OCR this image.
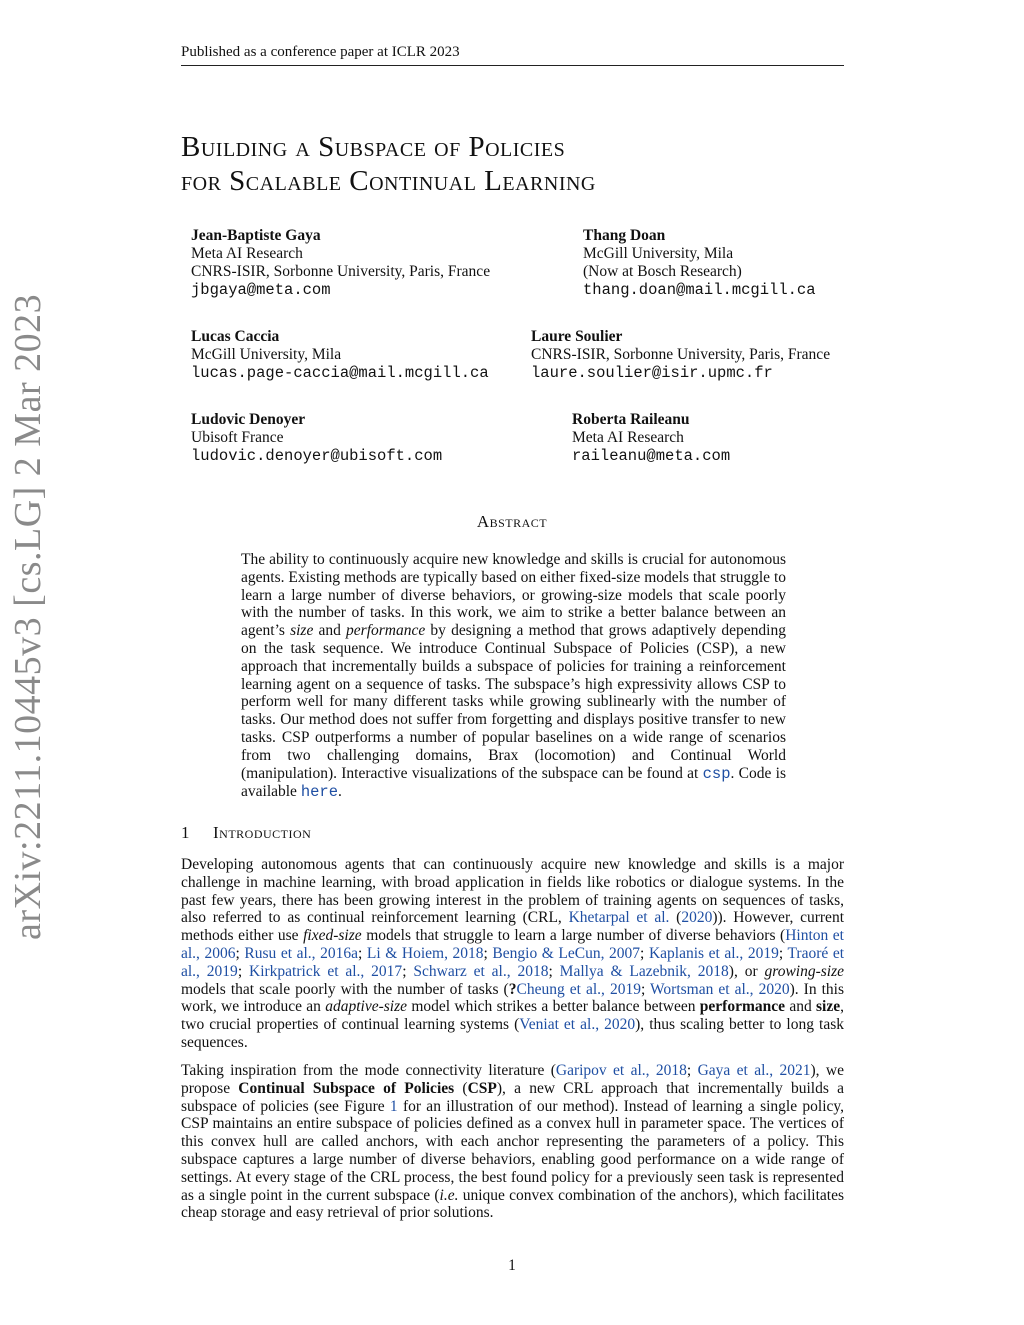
Published as a conference paper at ICLR 2023
arXiv:2211.10445v3 [cs.LG] 2 Mar 2023
Building a Subspace of Policies
for Scalable Continual Learning
Jean-Baptiste Gaya
Meta AI Research
CNRS-ISIR, Sorbonne University, Paris, France
jbgaya@meta.com
Thang Doan
McGill University, Mila
(Now at Bosch Research)
thang.doan@mail.mcgill.ca
Lucas Caccia
McGill University, Mila
lucas.page-caccia@mail.mcgill.ca
Laure Soulier
CNRS-ISIR, Sorbonne University, Paris, France
laure.soulier@isir.upmc.fr
Ludovic Denoyer
Ubisoft France
ludovic.denoyer@ubisoft.com
Roberta Raileanu
Meta AI Research
raileanu@meta.com
Abstract
The ability to continuously acquire new knowledge and skills is crucial for autonomous agents. Existing methods are typically based on either fixed-size models that struggle to learn a large number of diverse behaviors, or growing-size models that scale poorly with the number of tasks. In this work, we aim to strike a better balance between an agent’s size and performance by designing a method that grows adaptively depending on the task sequence. We introduce Continual Subspace of Policies (CSP), a new approach that incrementally builds a subspace of policies for training a reinforcement learning agent on a sequence of tasks. The subspace’s high expressivity allows CSP to perform well for many different tasks while growing sublinearly with the number of tasks. Our method does not suffer from forgetting and displays positive transfer to new tasks. CSP outperforms a number of popular baselines on a wide range of scenarios from two challenging domains, Brax (locomotion) and Continual World (manipulation). Interactive visualizations of the subspace can be found at csp. Code is available here.
1 Introduction
Developing autonomous agents that can continuously acquire new knowledge and skills is a major challenge in machine learning, with broad application in fields like robotics or dialogue systems. In the past few years, there has been growing interest in the problem of training agents on sequences of tasks, also referred to as continual reinforcement learning (CRL, Khetarpal et al. (2020)). However, current methods either use fixed-size models that struggle to learn a large number of diverse behaviors (Hinton et al., 2006; Rusu et al., 2016a; Li & Hoiem, 2018; Bengio & LeCun, 2007; Kaplanis et al., 2019; Traoré et al., 2019; Kirkpatrick et al., 2017; Schwarz et al., 2018; Mallya & Lazebnik, 2018), or growing-size models that scale poorly with the number of tasks (?Cheung et al., 2019; Wortsman et al., 2020). In this work, we introduce an adaptive-size model which strikes a better balance between performance and size, two crucial properties of continual learning systems (Veniat et al., 2020), thus scaling better to long task sequences.
Taking inspiration from the mode connectivity literature (Garipov et al., 2018; Gaya et al., 2021), we propose Continual Subspace of Policies (CSP), a new CRL approach that incrementally builds a subspace of policies (see Figure 1 for an illustration of our method). Instead of learning a single policy, CSP maintains an entire subspace of policies defined as a convex hull in parameter space. The vertices of this convex hull are called anchors, with each anchor representing the parameters of a policy. This subspace captures a large number of diverse behaviors, enabling good performance on a wide range of settings. At every stage of the CRL process, the best found policy for a previously seen task is represented as a single point in the current subspace (i.e. unique convex combination of the anchors), which facilitates cheap storage and easy retrieval of prior solutions.
1
